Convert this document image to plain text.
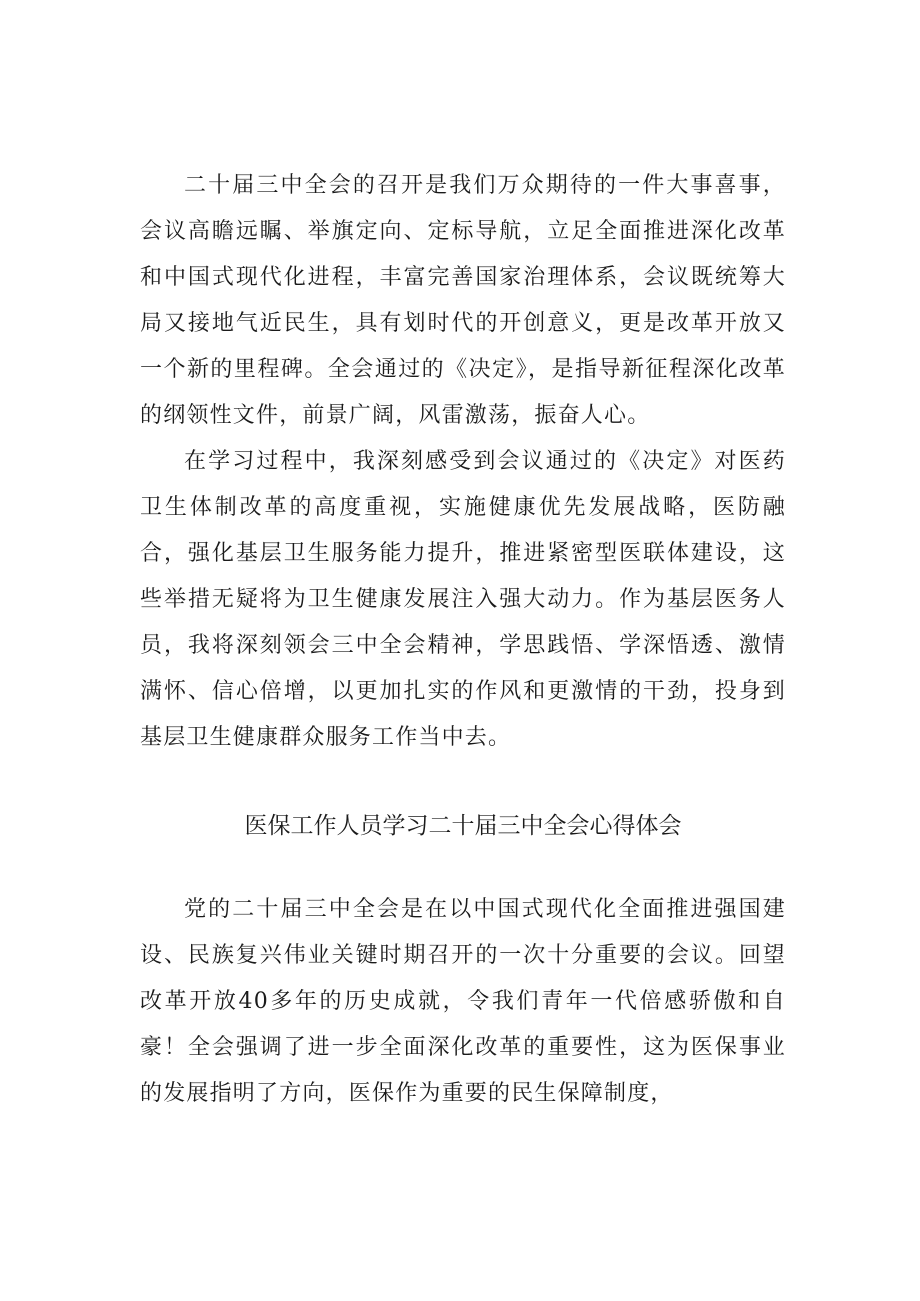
二十届三中全会的召开是我们万众期待的一件大事喜事，会议高瞻远瞩、举旗定向、定标导航，立足全面推进深化改革和中国式现代化进程，丰富完善国家治理体系，会议既统筹大局又接地气近民生，具有划时代的开创意义，更是改革开放又一个新的里程碑。全会通过的《决定》，是指导新征程深化改革的纲领性文件，前景广阔，风雷激荡，振奋人心。

在学习过程中，我深刻感受到会议通过的《决定》对医药卫生体制改革的高度重视，实施健康优先发展战略，医防融合，强化基层卫生服务能力提升，推进紧密型医联体建设，这些举措无疑将为卫生健康发展注入强大动力。作为基层医务人员，我将深刻领会三中全会精神，学思践悟、学深悟透、激情满怀、信心倍增，以更加扎实的作风和更激情的干劲，投身到基层卫生健康群众服务工作当中去。

医保工作人员学习二十届三中全会心得体会

党的二十届三中全会是在以中国式现代化全面推进强国建设、民族复兴伟业关键时期召开的一次十分重要的会议。回望改革开放40多年的历史成就，令我们青年一代倍感骄傲和自豪！全会强调了进一步全面深化改革的重要性，这为医保事业的发展指明了方向，医保作为重要的民生保障制度，
